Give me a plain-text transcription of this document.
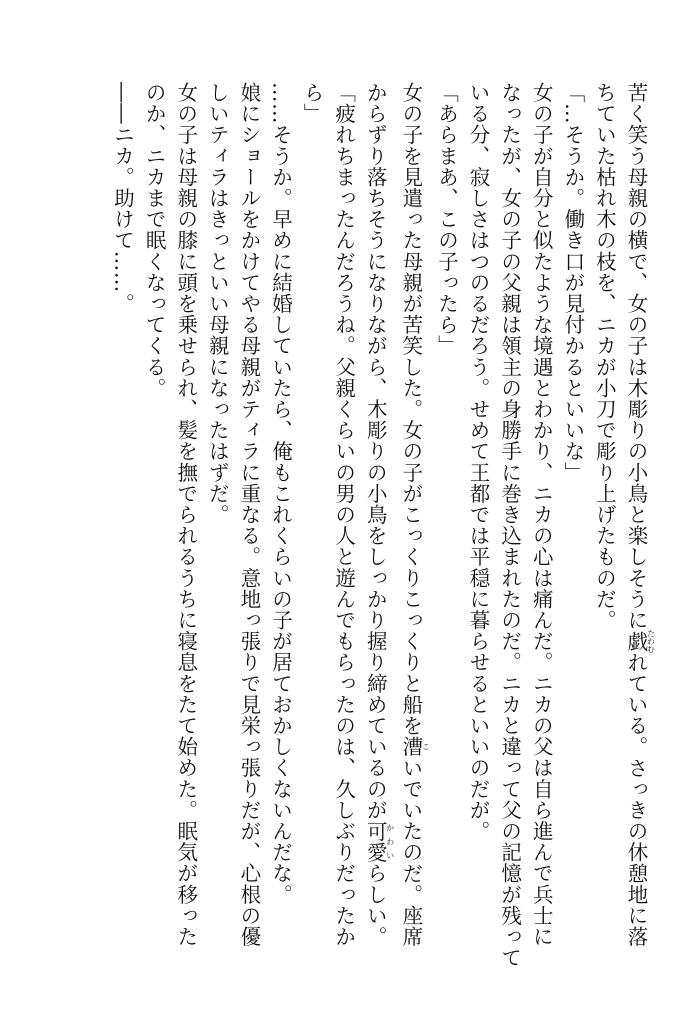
苦く笑う母親の横で、女の子は木彫りの小鳥と楽しそうに戯たわむれている。さっきの休憩地に落
ちていた枯れ木の枝を、ニカが小刀で彫り上げたものだ。
「…そうか。働き口が見付かるといいな」
女の子が自分と似たような境遇とわかり、ニカの心は痛んだ。ニカの父は自ら進んで兵士に
なったが、女の子の父親は領主の身勝手に巻き込まれたのだ。ニカと違って父の記憶が残って
いる分、寂しさはつのるだろう。せめて王都では平穏に暮らせるといいのだが。
「あらまあ、この子ったら」
女の子を見遣った母親が苦笑した。女の子がこっくりこっくりと船を漕こいでいたのだ。座席
からずり落ちそうになりながら、木彫りの小鳥をしっかり握り締めているのが可愛かわいらしい。
「疲れちまったんだろうね。父親くらいの男の人と遊んでもらったのは、久しぶりだったか
ら」
……そうか。早めに結婚していたら、俺もこれくらいの子が居ておかしくないんだな。
娘にショールをかけてやる母親がティラに重なる。意地っ張りで見栄っ張りだが、心根の優
しいティラはきっといい母親になったはずだ。
女の子は母親の膝に頭を乗せられ、髪を撫でられるうちに寝息をたて始めた。眠気が移った
のか、ニカまで眠くなってくる。
――ニカ。助けて……。
